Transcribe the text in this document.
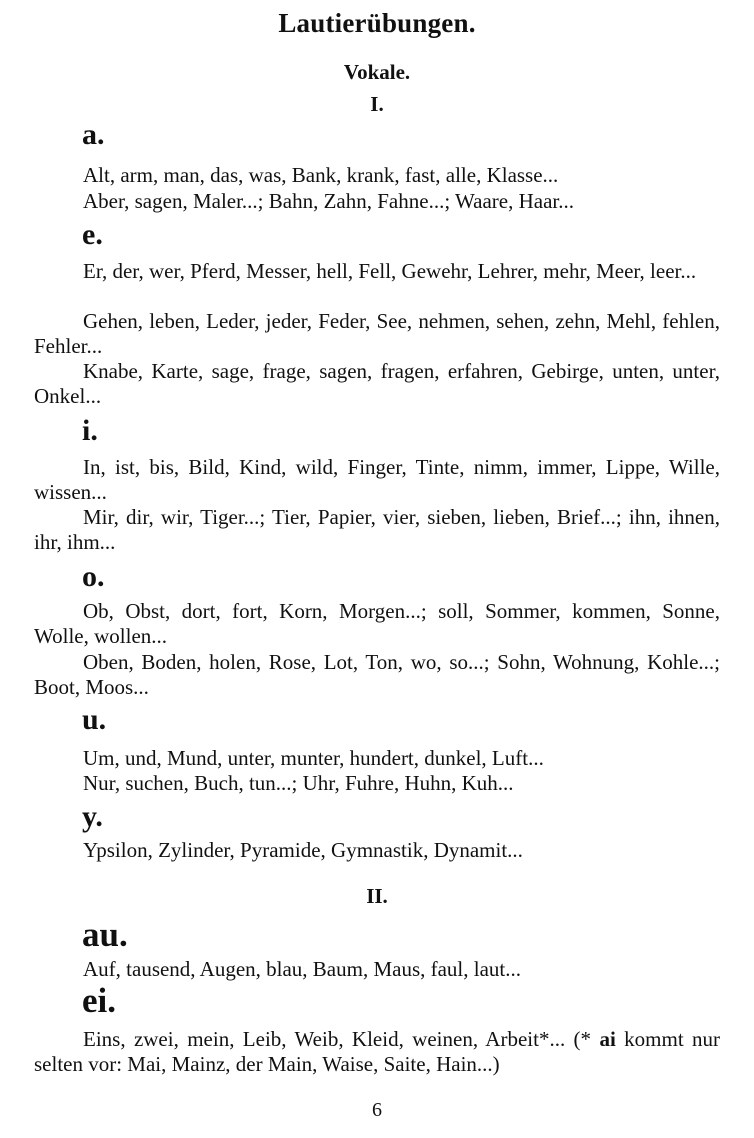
Lautierübungen.
Vokale.
I.
a.
Alt, arm, man, das, was, Bank, krank, fast, alle, Klasse...
Aber, sagen, Maler...; Bahn, Zahn, Fahne...; Waare, Haar...
e.
Er, der, wer, Pferd, Messer, hell, Fell, Gewehr, Lehrer, mehr, Meer, leer...
Gehen, leben, Leder, jeder, Feder, See, nehmen, sehen, zehn, Mehl, fehlen, Fehler...
Knabe, Karte, sage, frage, sagen, fragen, erfahren, Gebirge, unten, unter, Onkel...
i.
In, ist, bis, Bild, Kind, wild, Finger, Tinte, nimm, immer, Lippe, Wille, wissen...
Mir, dir, wir, Tiger...; Tier, Papier, vier, sieben, lieben, Brief...; ihn, ihnen, ihr, ihm...
o.
Ob, Obst, dort, fort, Korn, Morgen...; soll, Sommer, kommen, Sonne, Wolle, wollen...
Oben, Boden, holen, Rose, Lot, Ton, wo, so...; Sohn, Wohnung, Kohle...; Boot, Moos...
u.
Um, und, Mund, unter, munter, hundert, dunkel, Luft...
Nur, suchen, Buch, tun...; Uhr, Fuhre, Huhn, Kuh...
y.
Ypsilon, Zylinder, Pyramide, Gymnastik, Dynamit...
II.
au.
Auf, tausend, Augen, blau, Baum, Maus, faul, laut...
ei.
Eins, zwei, mein, Leib, Weib, Kleid, weinen, Arbeit*... (* ai kommt nur selten vor: Mai, Mainz, der Main, Waise, Saite, Hain...)
6
